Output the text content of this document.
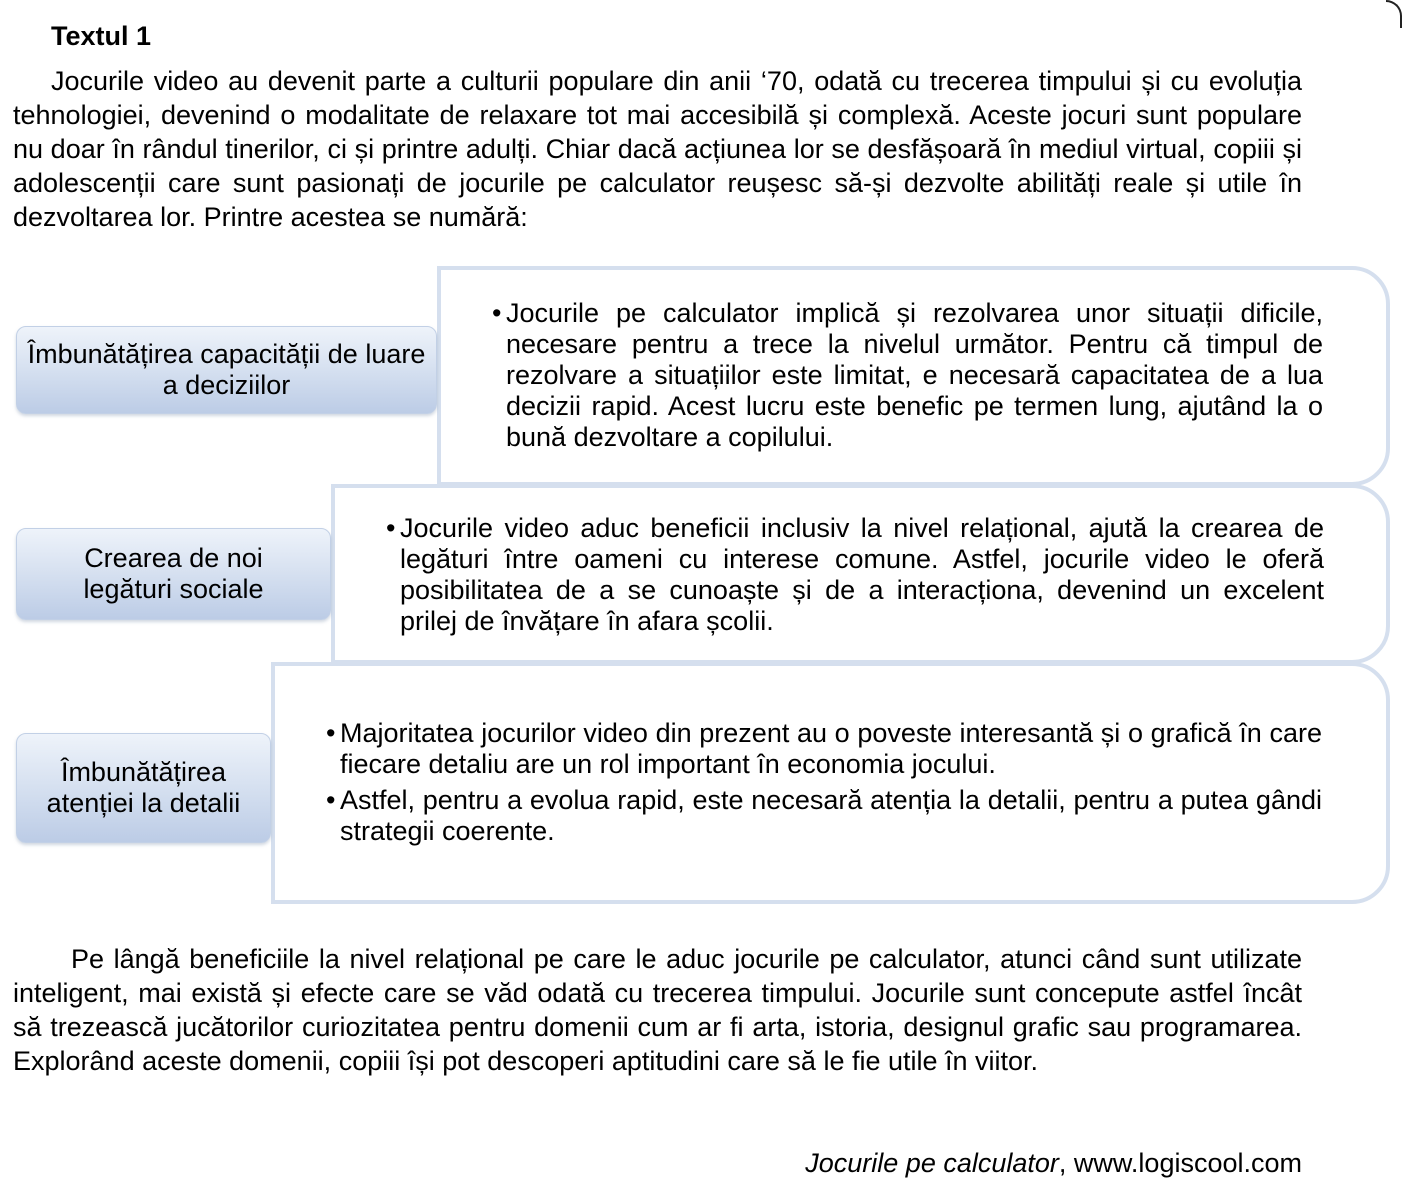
Textul 1

Jocurile video au devenit parte a culturii populare din anii ‘70, odată cu trecerea timpului și cu evoluția tehnologiei, devenind o modalitate de relaxare tot mai accesibilă și complexă. Aceste jocuri sunt populare nu doar în rândul tinerilor, ci și printre adulți. Chiar dacă acțiunea lor se desfășoară în mediul virtual, copiii și adolescenții care sunt pasionați de jocurile pe calculator reușesc să-și dezvolte abilități reale și utile în dezvoltarea lor. Printre acestea se numără:

• Jocurile pe calculator implică și rezolvarea unor situații dificile, necesare pentru a trece la nivelul următor. Pentru că timpul de rezolvare a situațiilor este limitat, e necesară capacitatea de a lua decizii rapid. Acest lucru este benefic pe termen lung, ajutând la o bună dezvoltare a copilului.
• Jocurile video aduc beneficii inclusiv la nivel relațional, ajută la crearea de legături între oameni cu interese comune. Astfel, jocurile video le oferă posibilitatea de a se cunoaște și de a interacționa, devenind un excelent prilej de învățare în afara școlii.
• Majoritatea jocurilor video din prezent au o poveste interesantă și o grafică în care fiecare detaliu are un rol important în economia jocului.
• Astfel, pentru a evolua rapid, este necesară atenția la detalii, pentru a putea gândi strategii coerente.
Îmbunătățirea capacității de luare a deciziilor
Crearea de noi legături sociale
Îmbunătățirea atenției la detalii

Pe lângă beneficiile la nivel relațional pe care le aduc jocurile pe calculator, atunci când sunt utilizate inteligent, mai există și efecte care se văd odată cu trecerea timpului. Jocurile sunt concepute astfel încât să trezească jucătorilor curiozitatea pentru domenii cum ar fi arta, istoria, designul grafic sau programarea. Explorând aceste domenii, copiii își pot descoperi aptitudini care să le fie utile în viitor.

Jocurile pe calculator, www.logiscool.com
